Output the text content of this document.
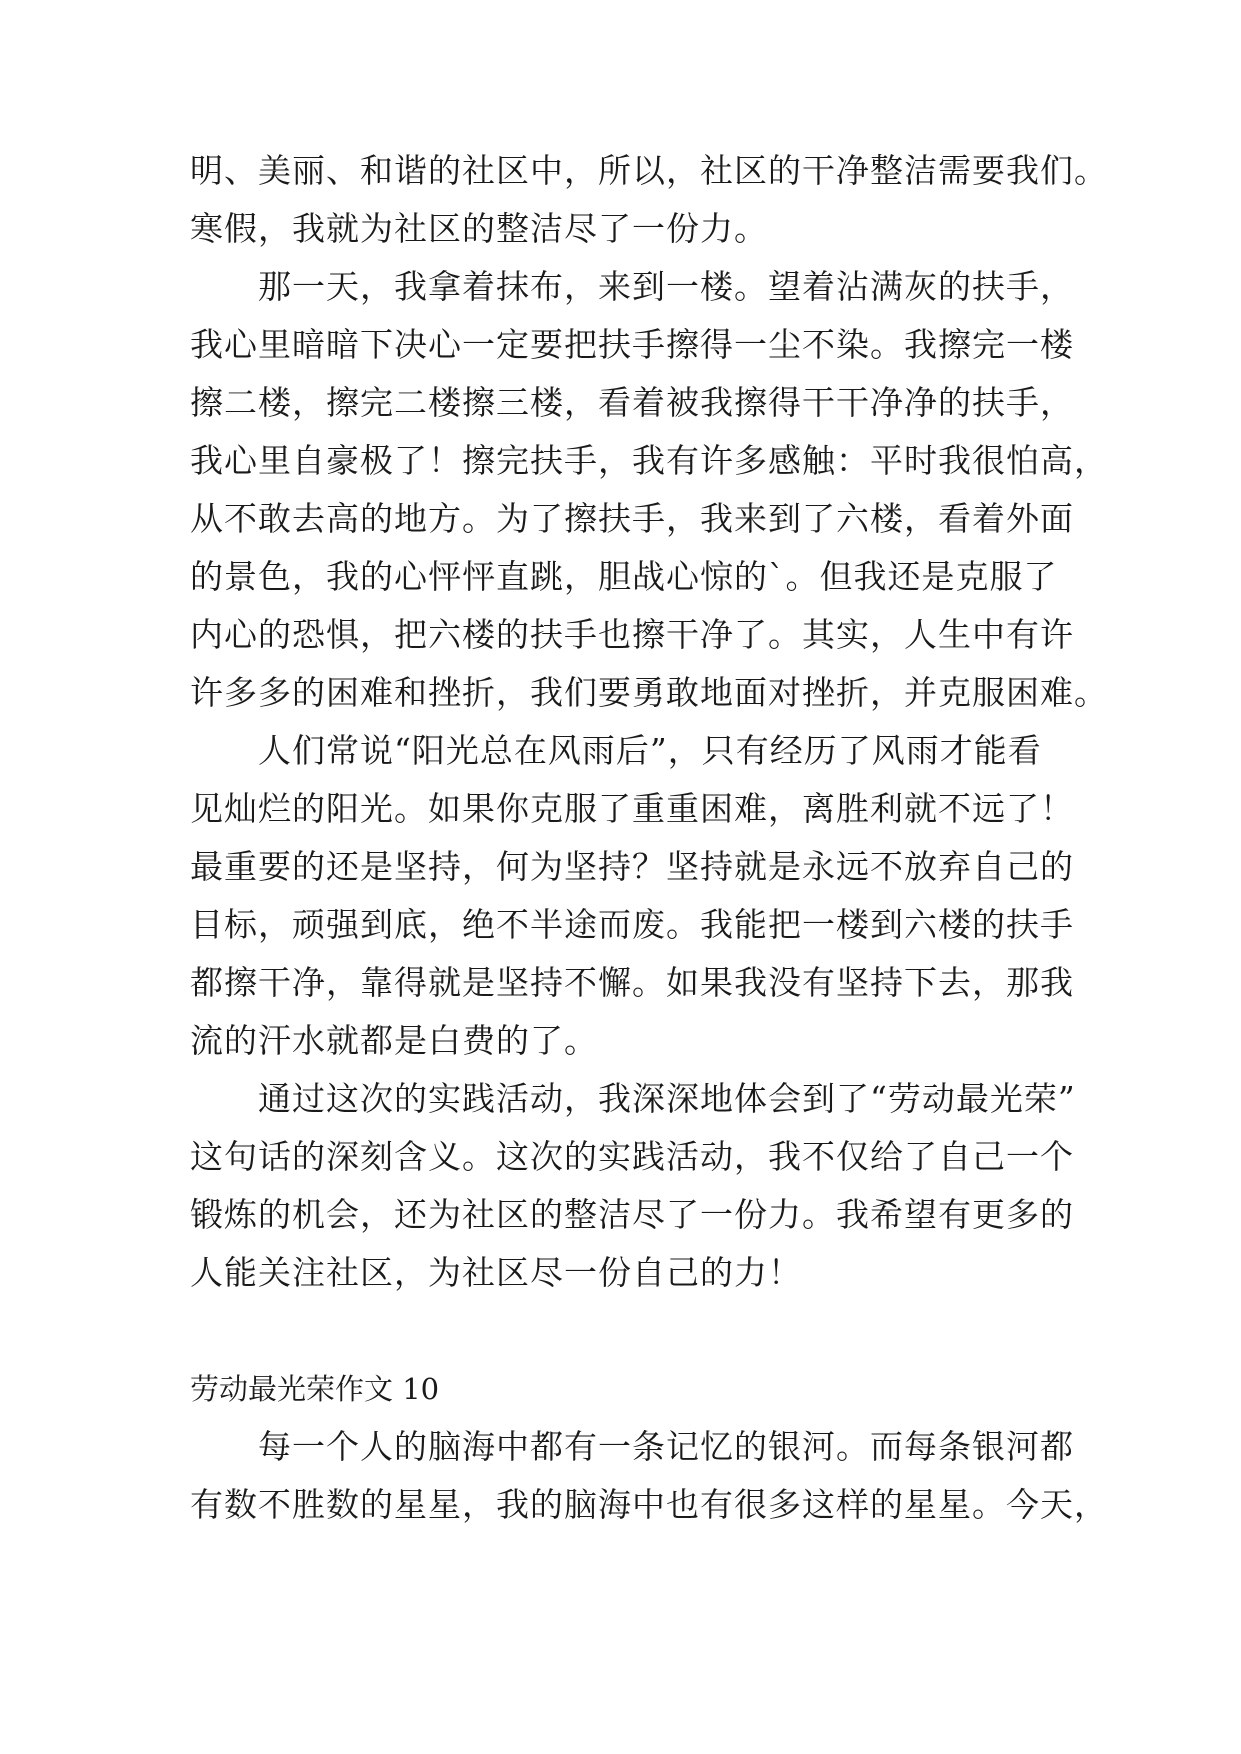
明、美丽、和谐的社区中，所以，社区的干净整洁需要我们。
寒假，我就为社区的整洁尽了一份力。
那一天，我拿着抹布，来到一楼。望着沾满灰的扶手，
我心里暗暗下决心一定要把扶手擦得一尘不染。我擦完一楼
擦二楼，擦完二楼擦三楼，看着被我擦得干干净净的扶手，
我心里自豪极了！擦完扶手，我有许多感触：平时我很怕高，
从不敢去高的地方。为了擦扶手，我来到了六楼，看着外面
的景色，我的心怦怦直跳，胆战心惊的`。但我还是克服了
内心的恐惧，把六楼的扶手也擦干净了。其实，人生中有许
许多多的困难和挫折，我们要勇敢地面对挫折，并克服困难。
人们常说“阳光总在风雨后”，只有经历了风雨才能看
见灿烂的阳光。如果你克服了重重困难，离胜利就不远了！
最重要的还是坚持，何为坚持？坚持就是永远不放弃自己的
目标，顽强到底，绝不半途而废。我能把一楼到六楼的扶手
都擦干净，靠得就是坚持不懈。如果我没有坚持下去，那我
流的汗水就都是白费的了。
通过这次的实践活动，我深深地体会到了“劳动最光荣”
这句话的深刻含义。这次的实践活动，我不仅给了自己一个
锻炼的机会，还为社区的整洁尽了一份力。我希望有更多的
人能关注社区，为社区尽一份自己的力！
劳动最光荣作文 10
每一个人的脑海中都有一条记忆的银河。而每条银河都
有数不胜数的星星，我的脑海中也有很多这样的星星。今天，
